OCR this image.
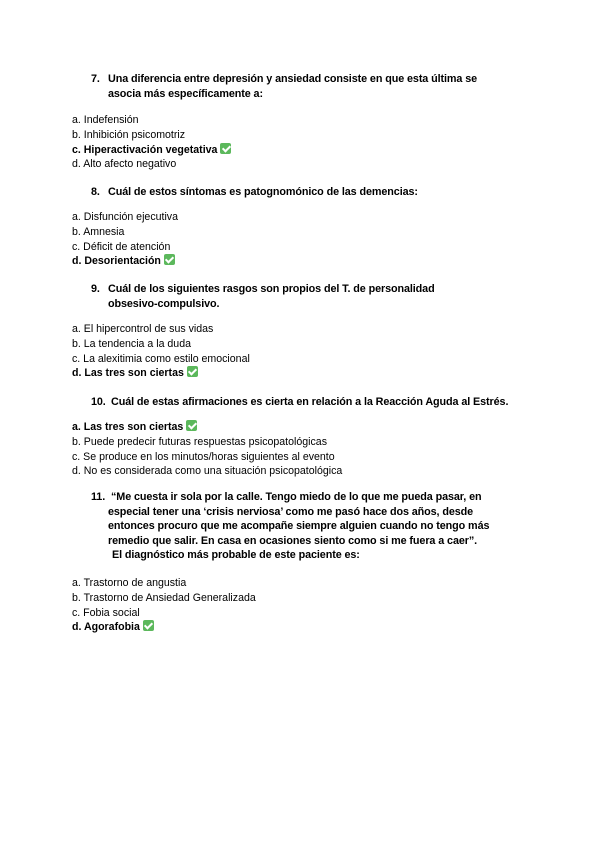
7. Una diferencia entre depresión y ansiedad consiste en que esta última se
asocia más específicamente a:
a. Indefensión
b. Inhibición psicomotriz
c. Hiperactivación vegetativa
d. Alto afecto negativo
8. Cuál de estos síntomas es patognomónico de las demencias:
a. Disfunción ejecutiva
b. Amnesia
c. Déficit de atención
d. Desorientación
9. Cuál de los siguientes rasgos son propios del T. de personalidad
obsesivo-compulsivo.
a. El hipercontrol de sus vidas
b. La tendencia a la duda
c. La alexitimia como estilo emocional
d. Las tres son ciertas
10. Cuál de estas afirmaciones es cierta en relación a la Reacción Aguda al Estrés.
a. Las tres son ciertas
b. Puede predecir futuras respuestas psicopatológicas
c. Se produce en los minutos/horas siguientes al evento
d. No es considerada como una situación psicopatológica
11. “Me cuesta ir sola por la calle. Tengo miedo de lo que me pueda pasar, en
especial tener una ‘crisis nerviosa’ como me pasó hace dos años, desde
entonces procuro que me acompañe siempre alguien cuando no tengo más
remedio que salir. En casa en ocasiones siento como si me fuera a caer”.
El diagnóstico más probable de este paciente es:
a. Trastorno de angustia
b. Trastorno de Ansiedad Generalizada
c. Fobia social
d. Agorafobia
